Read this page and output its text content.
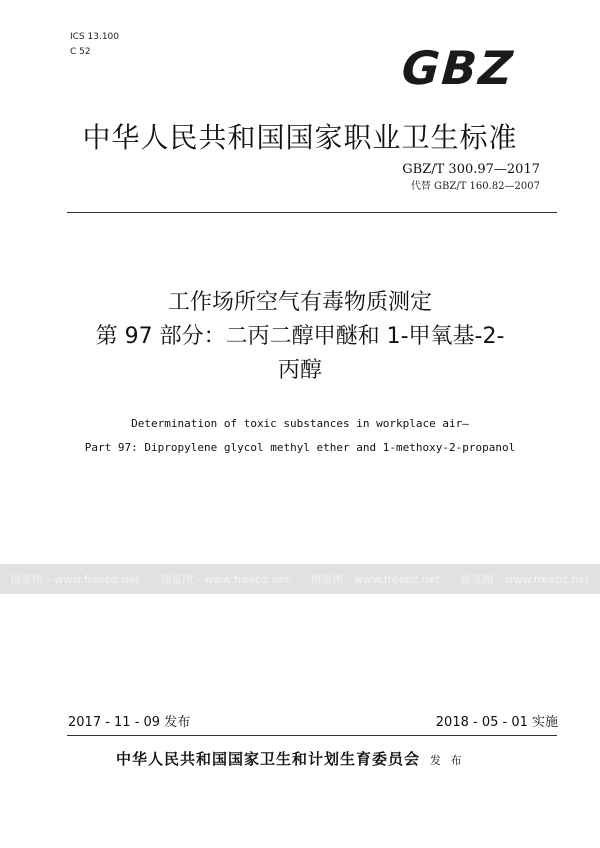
ICS 13.100
C 52	GBZ
中华人民共和国国家职业卫生标准
GBZ/T 300.97—2017
代替 GBZ/T 160.82—2007
工作场所空气有毒物质测定
第 97 部分：二丙二醇甲醚和 1-甲氧基-2-
丙醇
Determination of toxic substances in workplace air—
Part 97: Dipropylene glycol methyl ether and 1-methoxy-2-propanol
预览图 - www.freebz.net 预览图 - www.freebz.net 预览图 - www.freebz.net 预览图 - www.freebz.net
2017 - 11 - 09 发布	2018 - 05 - 01 实施
中华人民共和国国家卫生和计划生育委员会 发 布
